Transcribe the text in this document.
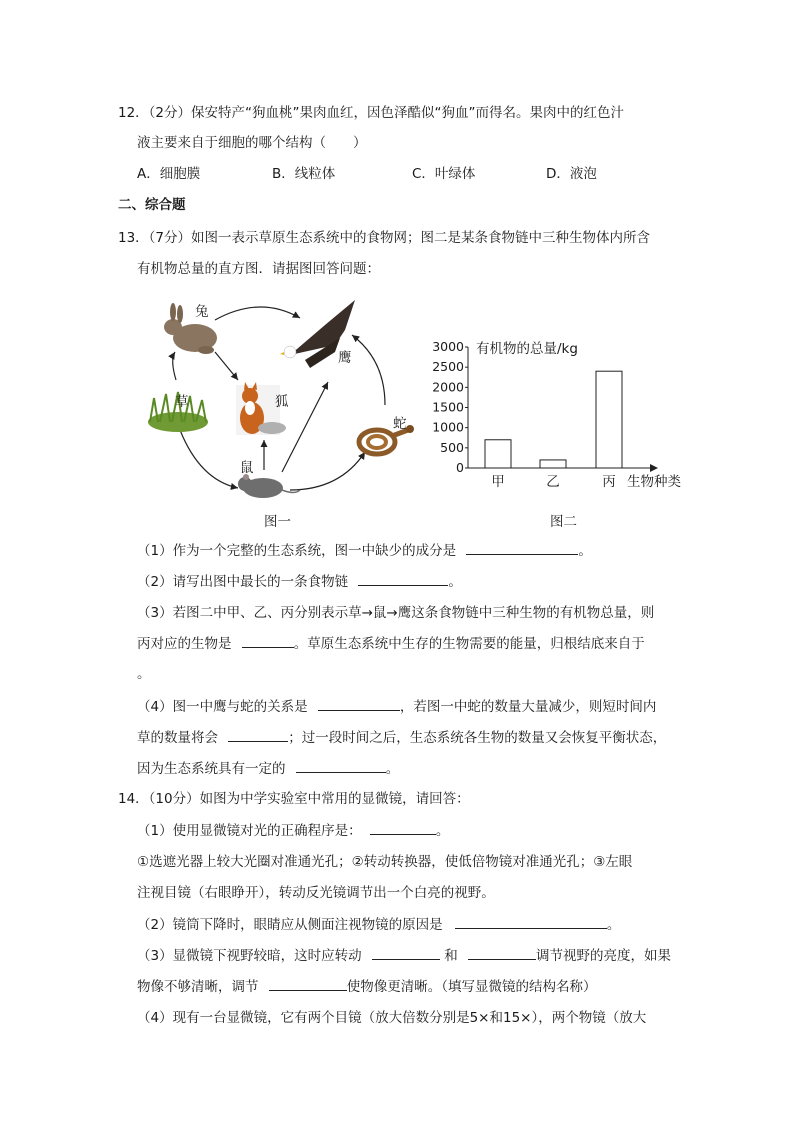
12．（2分）保安特产“狗血桃”果肉血红，因色泽酷似“狗血”而得名。果肉中的红色汁
液主要来自于细胞的哪个结构（　　）
A．细胞膜	B．线粒体	C．叶绿体	D．液泡
二、综合题
13．（7分）如图一表示草原生态系统中的食物网；图二是某条食物链中三种生物体内所含
有机物总量的直方图．请据图回答问题：
兔
鹰
草	狐
蛇
鼠
图一
3000
2500
2000
1500
1000
500
0
甲	乙	丙
有机物的总量/kg
生物种类
图二
（1）作为一个完整的生态系统，图一中缺少的成分是	。
（2）请写出图中最长的一条食物链	。
（3）若图二中甲、乙、丙分别表示草→鼠→鹰这条食物链中三种生物的有机物总量，则
丙对应的生物是	。草原生态系统中生存的生物需要的能量，归根结底来自于
。
（4）图一中鹰与蛇的关系是	，若图一中蛇的数量大量减少，则短时间内
草的数量将会	；过一段时间之后，生态系统各生物的数量又会恢复平衡状态，
因为生态系统具有一定的	。
14．（10分）如图为中学实验室中常用的显微镜，请回答：
（1）使用显微镜对光的正确程序是：	。
①选遮光器上较大光圈对准通光孔；②转动转换器，使低倍物镜对准通光孔；③左眼
注视目镜（右眼睁开），转动反光镜调节出一个白亮的视野。
（2）镜筒下降时，眼睛应从侧面注视物镜的原因是	。
（3）显微镜下视野较暗，这时应转动	和	调节视野的亮度，如果
物像不够清晰，调节	使物像更清晰。（填写显微镜的结构名称）
（4）现有一台显微镜，它有两个目镜（放大倍数分别是5×和15×），两个物镜（放大
